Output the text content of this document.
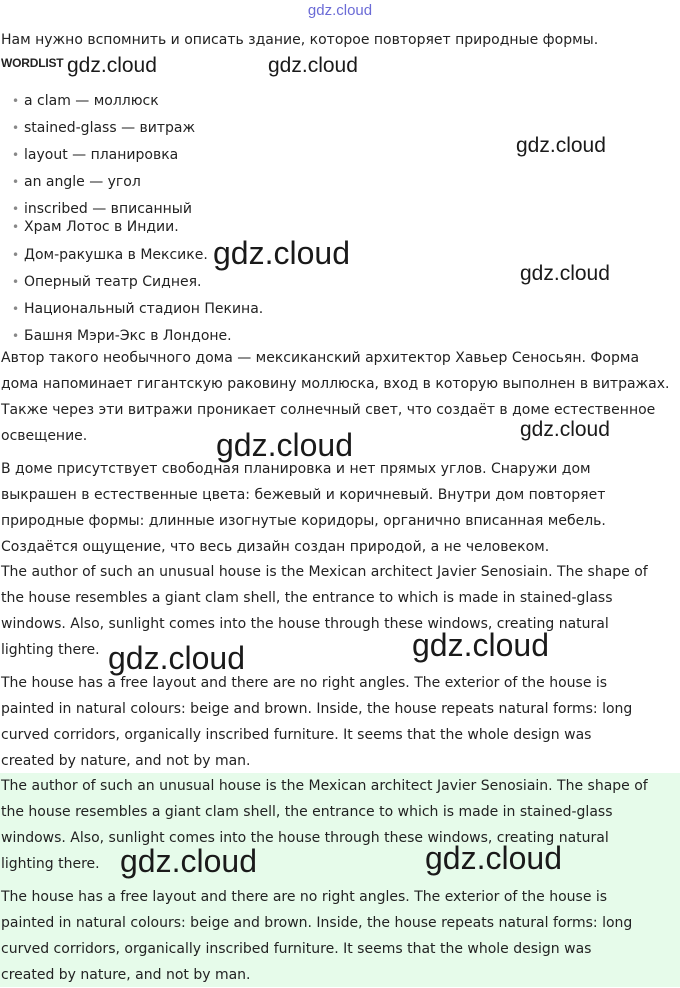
gdz.cloud
Нам нужно вспомнить и описать здание, которое повторяет природные формы.
WORDLIST
• a clam — моллюск
• stained-glass — витраж
• layout — планировка
• an angle — угол
• inscribed — вписанный
• Храм Лотос в Индии.
• Дом-ракушка в Мексике.
• Оперный театр Сиднея.
• Национальный стадион Пекина.
• Башня Мэри-Экс в Лондоне.
Автор такого необычного дома — мексиканский архитектор Хавьер Сеносьян. Форма
дома напоминает гигантскую раковину моллюска, вход в которую выполнен в витражах.
Также через эти витражи проникает солнечный свет, что создаёт в доме естественное
освещение.
В доме присутствует свободная планировка и нет прямых углов. Снаружи дом
выкрашен в естественные цвета: бежевый и коричневый. Внутри дом повторяет
природные формы: длинные изогнутые коридоры, органично вписанная мебель.
Создаётся ощущение, что весь дизайн создан природой, а не человеком.
The author of such an unusual house is the Mexican architect Javier Senosiain. The shape of
the house resembles a giant clam shell, the entrance to which is made in stained-glass
windows. Also, sunlight comes into the house through these windows, creating natural
lighting there.
The house has a free layout and there are no right angles. The exterior of the house is
painted in natural colours: beige and brown. Inside, the house repeats natural forms: long
curved corridors, organically inscribed furniture. It seems that the whole design was
created by nature, and not by man.
The author of such an unusual house is the Mexican architect Javier Senosiain. The shape of
the house resembles a giant clam shell, the entrance to which is made in stained-glass
windows. Also, sunlight comes into the house through these windows, creating natural
lighting there.
The house has a free layout and there are no right angles. The exterior of the house is
painted in natural colours: beige and brown. Inside, the house repeats natural forms: long
curved corridors, organically inscribed furniture. It seems that the whole design was
created by nature, and not by man.
gdz.cloud	gdz.cloud
gdz.cloud
gdz.cloud
gdz.cloud
gdz.cloud	gdz.cloud
gdz.cloud
gdz.cloud
gdz.cloud
gdz.cloud
